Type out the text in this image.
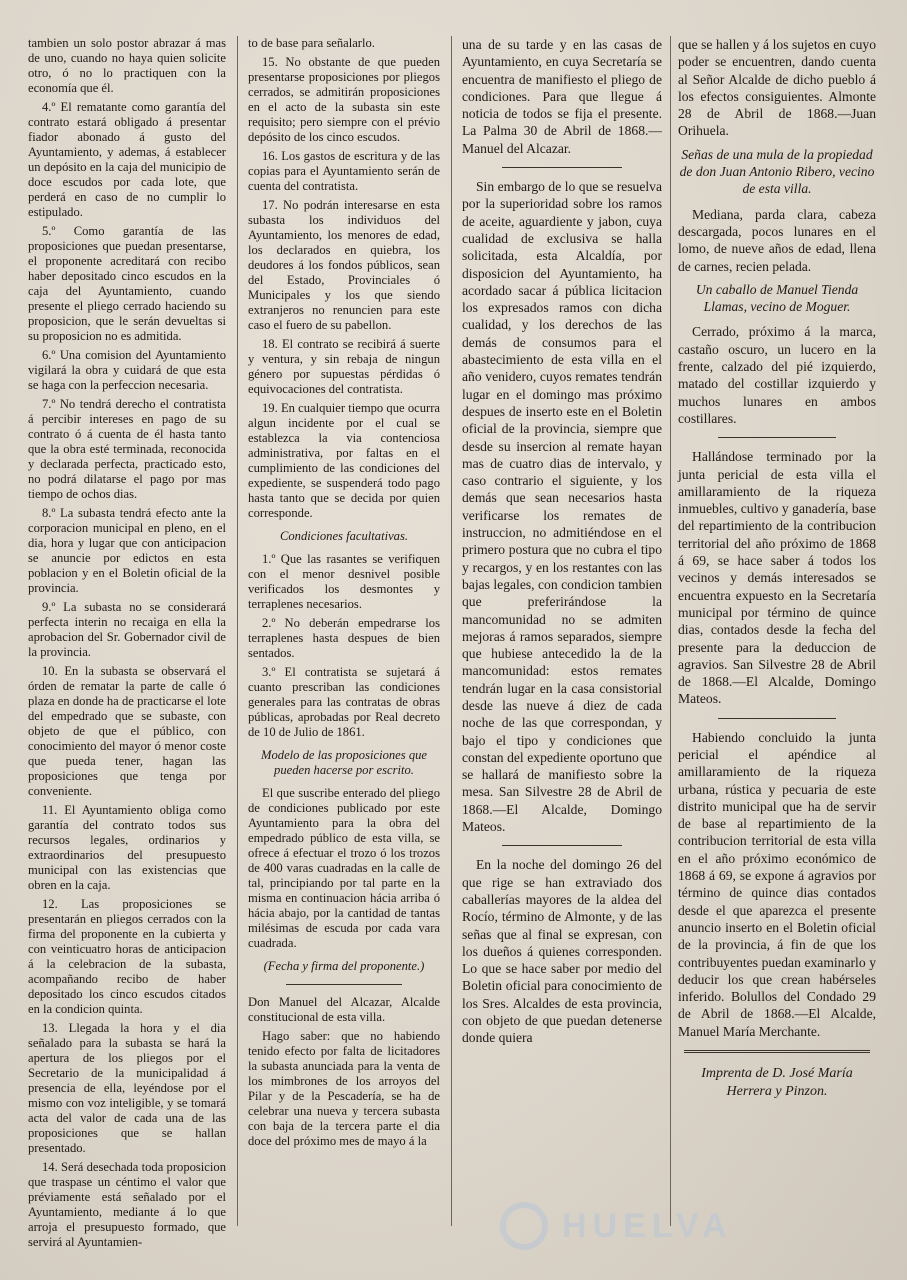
tambien un solo postor abrazar á mas de uno, cuando no haya quien solicite otro, ó no lo practiquen con la economía que él.

4.º El rematante como garantía del contrato estará obligado á presentar fiador abonado á gusto del Ayuntamiento, y ademas, á establecer un depósito en la caja del municipio de doce escudos por cada lote, que perderá en caso de no cumplir lo estipulado.

5.º Como garantía de las proposiciones que puedan presentarse, el proponente acreditará con recibo haber depositado cinco escudos en la caja del Ayuntamiento, cuando presente el pliego cerrado haciendo su proposicion, que le serán devueltas si su proposicion no es admitida.

6.º Una comision del Ayuntamiento vigilará la obra y cuidará de que esta se haga con la perfeccion necesaria.

7.º No tendrá derecho el contratista á percibir intereses en pago de su contrato ó á cuenta de él hasta tanto que la obra esté terminada, reconocida y declarada perfecta, practicado esto, no podrá dilatarse el pago por mas tiempo de ochos dias.

8.º La subasta tendrá efecto ante la corporacion municipal en pleno, en el dia, hora y lugar que con anticipacion se anuncie por edictos en esta poblacion y en el Boletin oficial de la provincia.

9.º La subasta no se considerará perfecta interin no recaiga en ella la aprobacion del Sr. Gobernador civil de la provincia.

10. En la subasta se observará el órden de rematar la parte de calle ó plaza en donde ha de practicarse el lote del empedrado que se subaste, con objeto de que el público, con conocimiento del mayor ó menor coste que pueda tener, hagan las proposiciones que tenga por conveniente.

11. El Ayuntamiento obliga como garantía del contrato todos sus recursos legales, ordinarios y extraordinarios del presupuesto municipal con las existencias que obren en la caja.

12. Las proposiciones se presentarán en pliegos cerrados con la firma del proponente en la cubierta y con veinticuatro horas de anticipacion á la celebracion de la subasta, acompañando recibo de haber depositado los cinco escudos citados en la condicion quinta.

13. Llegada la hora y el dia señalado para la subasta se hará la apertura de los pliegos por el Secretario de la municipalidad á presencia de ella, leyéndose por el mismo con voz inteligible, y se tomará acta del valor de cada una de las proposiciones que se hallan presentado.

14. Será desechada toda proposicion que traspase un céntimo el valor que préviamente está señalado por el Ayuntamiento, mediante á lo que arroja el presupuesto formado, que servirá al Ayuntamien-

to de base para señalarlo.

15. No obstante de que pueden presentarse proposiciones por pliegos cerrados, se admitirán proposiciones en el acto de la subasta sin este requisito; pero siempre con el prévio depósito de los cinco escudos.

16. Los gastos de escritura y de las copias para el Ayuntamiento serán de cuenta del contratista.

17. No podrán interesarse en esta subasta los individuos del Ayuntamiento, los menores de edad, los declarados en quiebra, los deudores á los fondos públicos, sean del Estado, Provinciales ó Municipales y los que siendo extranjeros no renuncien para este caso el fuero de su pabellon.

18. El contrato se recibirá á suerte y ventura, y sin rebaja de ningun género por supuestas pérdidas ó equivocaciones del contratista.

19. En cualquier tiempo que ocurra algun incidente por el cual se establezca la via contenciosa administrativa, por faltas en el cumplimiento de las condiciones del expediente, se suspenderá todo pago hasta tanto que se decida por quien corresponde.

Condiciones facultativas.

1.º Que las rasantes se verifiquen con el menor desnivel posible verificados los desmontes y terraplenes necesarios.

2.º No deberán empedrarse los terraplenes hasta despues de bien sentados.

3.º El contratista se sujetará á cuanto prescriban las condiciones generales para las contratas de obras públicas, aprobadas por Real decreto de 10 de Julio de 1861.

Modelo de las proposiciones que pueden hacerse por escrito.

El que suscribe enterado del pliego de condiciones publicado por este Ayuntamiento para la obra del empedrado público de esta villa, se ofrece á efectuar el trozo ó los trozos de 400 varas cuadradas en la calle de tal, principiando por tal parte en la misma en continuacion hácia arriba ó hácia abajo, por la cantidad de tantas milésimas de escuda por cada vara cuadrada.

(Fecha y firma del proponente.)

Don Manuel del Alcazar, Alcalde constitucional de esta villa.

Hago saber: que no habiendo tenido efecto por falta de licitadores la subasta anunciada para la venta de los mimbrones de los arroyos del Pilar y de la Pescadería, se ha de celebrar una nueva y tercera subasta con baja de la tercera parte el dia doce del próximo mes de mayo á la

una de su tarde y en las casas de Ayuntamiento, en cuya Secretaría se encuentra de manifiesto el pliego de condiciones. Para que llegue á noticia de todos se fija el presente. La Palma 30 de Abril de 1868.—Manuel del Alcazar.

Sin embargo de lo que se resuelva por la superioridad sobre los ramos de aceite, aguardiente y jabon, cuya cualidad de exclusiva se halla solicitada, esta Alcaldía, por disposicion del Ayuntamiento, ha acordado sacar á pública licitacion los expresados ramos con dicha cualidad, y los derechos de las demás de consumos para el abastecimiento de esta villa en el año venidero, cuyos remates tendrán lugar en el domingo mas próximo despues de inserto este en el Boletin oficial de la provincia, siempre que desde su insercion al remate hayan mas de cuatro dias de intervalo, y caso contrario el siguiente, y los demás que sean necesarios hasta verificarse los remates de instruccion, no admitiéndose en el primero postura que no cubra el tipo y recargos, y en los restantes con las bajas legales, con condicion tambien que preferirándose la mancomunidad no se admiten mejoras á ramos separados, siempre que hubiese antecedido la de la mancomunidad: estos remates tendrán lugar en la casa consistorial desde las nueve á diez de cada noche de las que correspondan, y bajo el tipo y condiciones que constan del expediente oportuno que se hallará de manifiesto sobre la mesa. San Silvestre 28 de Abril de 1868.—El Alcalde, Domingo Mateos.

En la noche del domingo 26 del que rige se han extraviado dos caballerías mayores de la aldea del Rocío, término de Almonte, y de las señas que al final se expresan, con los dueños á quienes corresponden. Lo que se hace saber por medio del Boletin oficial para conocimiento de los Sres. Alcaldes de esta provincia, con objeto de que puedan detenerse donde quiera

que se hallen y á los sujetos en cuyo poder se encuentren, dando cuenta al Señor Alcalde de dicho pueblo á los efectos consiguientes. Almonte 28 de Abril de 1868.—Juan Orihuela.

Señas de una mula de la propiedad de don Juan Antonio Ribero, vecino de esta villa.

Mediana, parda clara, cabeza descargada, pocos lunares en el lomo, de nueve años de edad, llena de carnes, recien pelada.

Un caballo de Manuel Tienda Llamas, vecino de Moguer.

Cerrado, próximo á la marca, castaño oscuro, un lucero en la frente, calzado del pié izquierdo, matado del costillar izquierdo y muchos lunares en ambos costillares.

Hallándose terminado por la junta pericial de esta villa el amillaramiento de la riqueza inmuebles, cultivo y ganadería, base del repartimiento de la contribucion territorial del año próximo de 1868 á 69, se hace saber á todos los vecinos y demás interesados se encuentra expuesto en la Secretaría municipal por término de quince dias, contados desde la fecha del presente para la deduccion de agravios. San Silvestre 28 de Abril de 1868.—El Alcalde, Domingo Mateos.

Habiendo concluido la junta pericial el apéndice al amillaramiento de la riqueza urbana, rústica y pecuaria de este distrito municipal que ha de servir de base al repartimiento de la contribucion territorial de esta villa en el año próximo económico de 1868 á 69, se expone á agravios por término de quince dias contados desde el que aparezca el presente anuncio inserto en el Boletin oficial de la provincia, á fin de que los contribuyentes puedan examinarlo y deducir los que crean habérseles inferido. Bolullos del Condado 29 de Abril de 1868.—El Alcalde, Manuel María Merchante.

Imprenta de D. José María Herrera y Pinzon.

HUELVA
